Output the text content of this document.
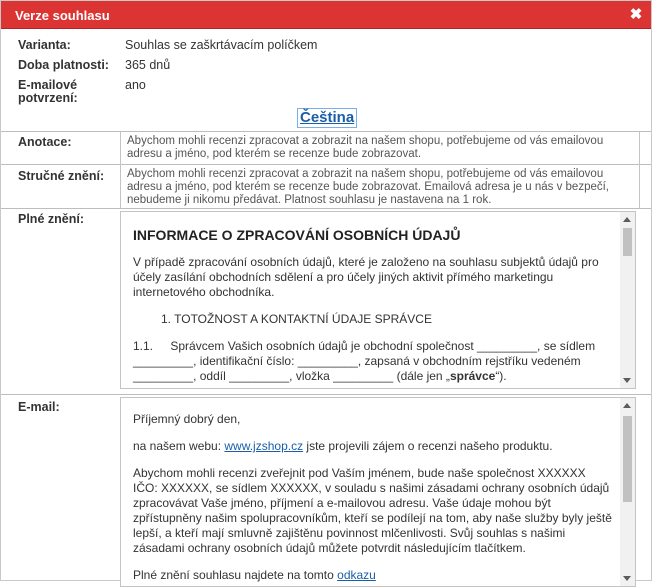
Verze souhlasu	✖
Varianta:	Souhlas se zaškrtávacím políčkem
Doba platnosti: 365 dnů
E-mailové
potvrzení:
ano
Čeština
Anotace:	Abychom mohli recenzi zpracovat a zobrazit na našem shopu, potřebujeme od vás emailovou adresu a jméno, pod kterém se recenze bude zobrazovat.
Stručné znění:	Abychom mohli recenzi zpracovat a zobrazit na našem shopu, potřebujeme od vás emailovou adresu a jméno, pod kterém se recenze bude zobrazovat. Emailová adresa je u nás v bezpečí, nebudeme ji nikomu předávat. Platnost souhlasu je nastavena na 1 rok.
Plné znění:

INFORMACE O ZPRACOVÁNÍ OSOBNÍCH ÚDAJŮ

V případě zpracování osobních údajů, které je založeno na souhlasu subjektů údajů pro účely zasílání obchodních sdělení a pro účely jiných aktivit přímého marketingu internetového obchodníka.

1. TOTOŽNOST A KONTAKTNÍ ÚDAJE SPRÁVCE

1.1. Správcem Vašich osobních údajů je obchodní společnost _________, se sídlem _________, identifikační číslo: _________, zapsaná v obchodním rejstříku vedeném _________, oddíl _________, vložka _________ (dále jen „správce“).

E-mail:

Příjemný dobrý den,

na našem webu: www.jzshop.cz jste projevili zájem o recenzi našeho produktu.

Abychom mohli recenzi zveřejnit pod Vaším jménem, bude naše společnost XXXXXX IČO: XXXXXX, se sídlem XXXXXX, v souladu s našimi zásadami ochrany osobních údajů zpracovávat Vaše jméno, příjmení a e-mailovou adresu. Vaše údaje mohou být zpřístupněny našim spolupracovníkům, kteří se podílejí na tom, aby naše služby byly ještě lepší, a kteří mají smluvně zajištěnu povinnost mlčenlivosti. Svůj souhlas s našimi zásadami ochrany osobních údajů můžete potvrdit následujícím tlačítkem.

Plné znění souhlasu najdete na tomto odkazu
